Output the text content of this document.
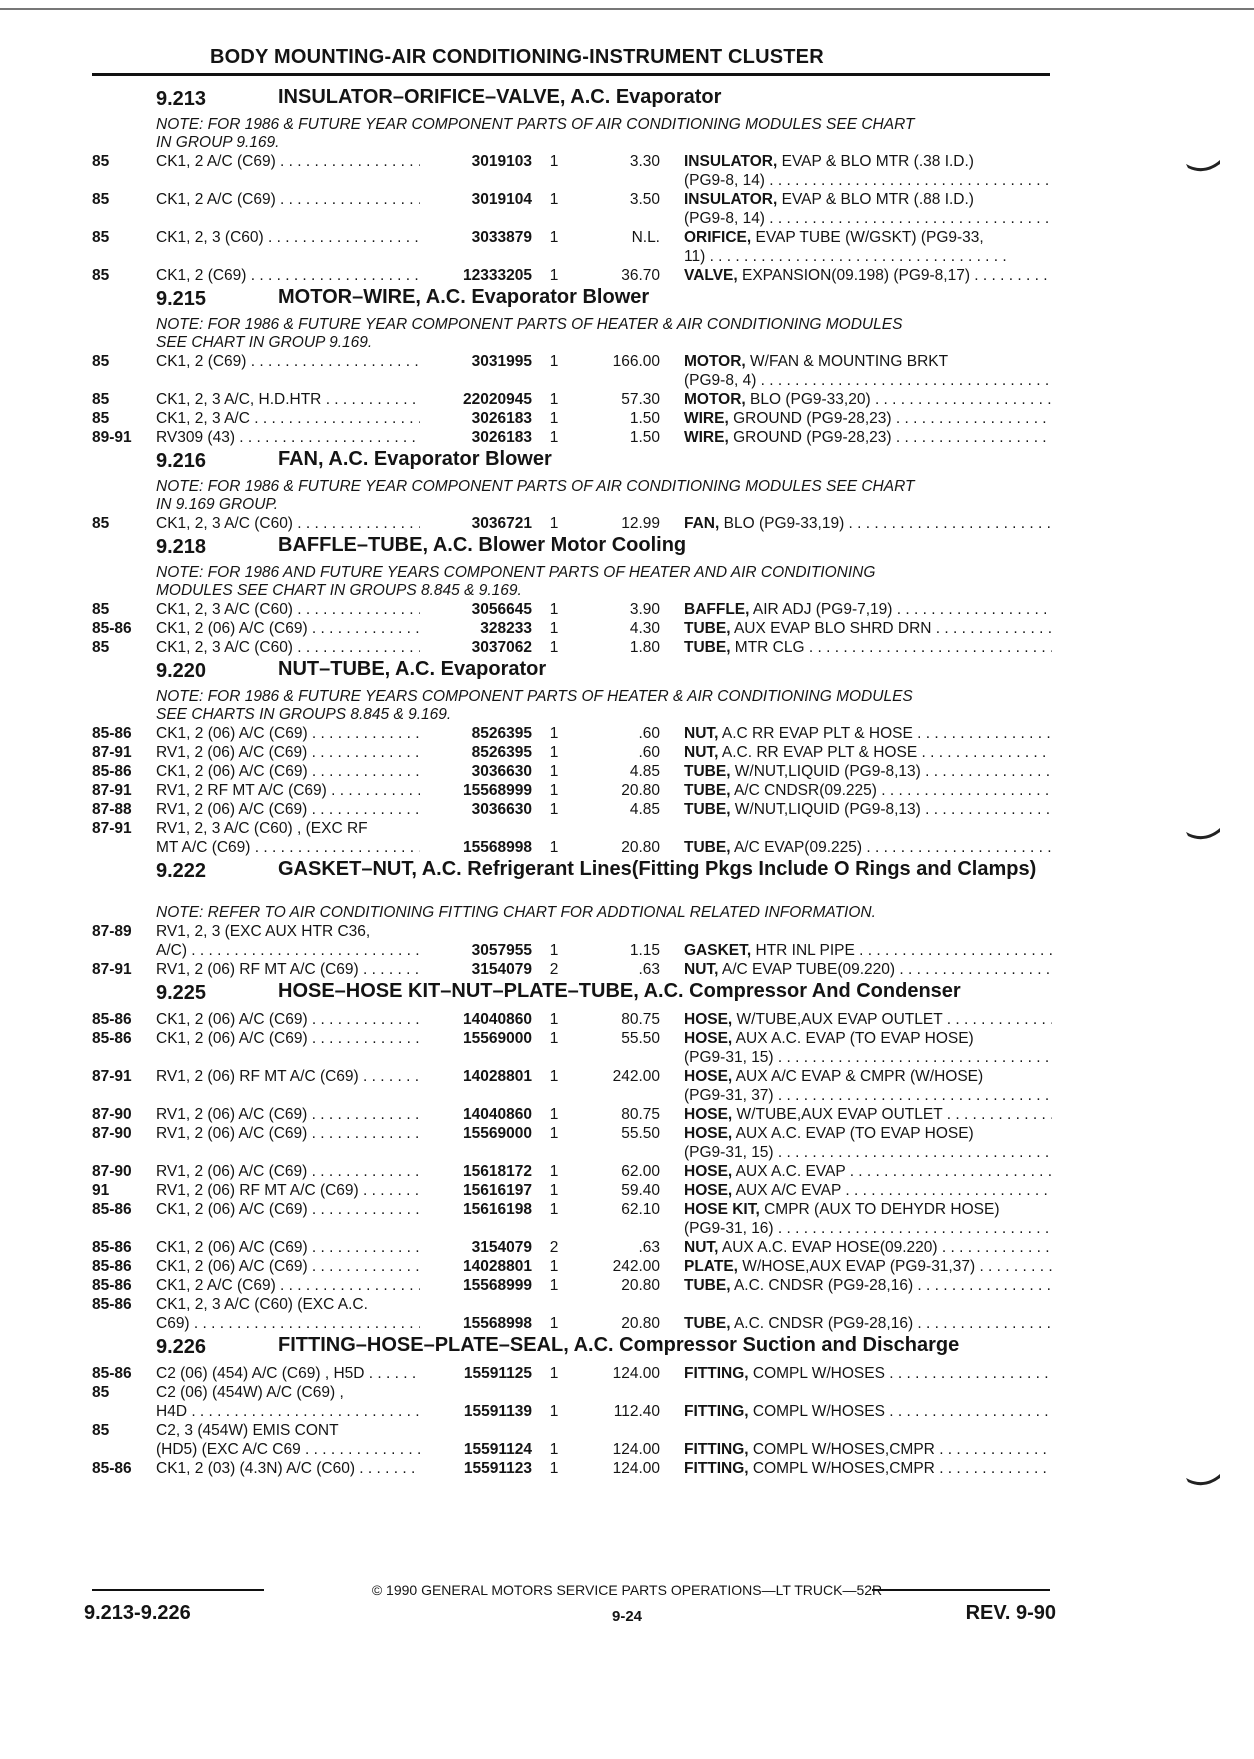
BODY MOUNTING-AIR CONDITIONING-INSTRUMENT CLUSTER
9.213	INSULATOR–ORIFICE–VALVE, A.C. Evaporator
NOTE: FOR 1986 & FUTURE YEAR COMPONENT PARTS OF AIR CONDITIONING MODULES SEE CHART
IN GROUP 9.169.
85	CK1, 2 A/C (C69) . . .	3019103	1	3.30 INSULATOR, EVAP & BLO MTR (.38 I.D.)
(PG9-8, 14) . . .
85	CK1, 2 A/C (C69) . . .	3019104	1	3.50 INSULATOR, EVAP & BLO MTR (.88 I.D.)
(PG9-8, 14) . . .
85	CK1, 2, 3 (C60) . . .	3033879	1	N.L. ORIFICE, EVAP TUBE (W/GSKT) (PG9-33,
11) . . .
85	CK1, 2 (C69) . . .	12333205	1	36.70 VALVE, EXPANSION(09.198) (PG9-8,17) . . .
9.215	MOTOR–WIRE, A.C. Evaporator Blower
NOTE: FOR 1986 & FUTURE YEAR COMPONENT PARTS OF HEATER & AIR CONDITIONING MODULES
SEE CHART IN GROUP 9.169.
85	CK1, 2 (C69) . . .	3031995	1	166.00 MOTOR, W/FAN & MOUNTING BRKT
(PG9-8, 4) . . .
85	CK1, 2, 3 A/C, H.D.HTR . . .	22020945	1	57.30 MOTOR, BLO (PG9-33,20) . . .
85	CK1, 2, 3 A/C . . .	3026183	1	1.50 WIRE, GROUND (PG9-28,23) . . .
89-91	RV309 (43) . . .	3026183	1	1.50 WIRE, GROUND (PG9-28,23) . . .
9.216	FAN, A.C. Evaporator Blower
NOTE: FOR 1986 & FUTURE YEAR COMPONENT PARTS OF AIR CONDITIONING MODULES SEE CHART
IN 9.169 GROUP.
85	CK1, 2, 3 A/C (C60) . . .	3036721	1	12.99 FAN, BLO (PG9-33,19) . . .
9.218	BAFFLE–TUBE, A.C. Blower Motor Cooling
NOTE: FOR 1986 AND FUTURE YEARS COMPONENT PARTS OF HEATER AND AIR CONDITIONING
MODULES SEE CHART IN GROUPS 8.845 & 9.169.
85	CK1, 2, 3 A/C (C60) . . .	3056645	1	3.90 BAFFLE, AIR ADJ (PG9-7,19) . . .
85-86	CK1, 2 (06) A/C (C69) . . .	328233	1	4.30 TUBE, AUX EVAP BLO SHRD DRN . . .
85	CK1, 2, 3 A/C (C60) . . .	3037062	1	1.80 TUBE, MTR CLG . . .
9.220	NUT–TUBE, A.C. Evaporator
NOTE: FOR 1986 & FUTURE YEARS COMPONENT PARTS OF HEATER & AIR CONDITIONING MODULES
SEE CHARTS IN GROUPS 8.845 & 9.169.
85-86	CK1, 2 (06) A/C (C69) . . .	8526395	1	.60 NUT, A.C RR EVAP PLT & HOSE . . .
87-91	RV1, 2 (06) A/C (C69) . . .	8526395	1	.60 NUT, A.C. RR EVAP PLT & HOSE . . .
85-86	CK1, 2 (06) A/C (C69) . . .	3036630	1	4.85 TUBE, W/NUT,LIQUID (PG9-8,13) . . .
87-91	RV1, 2 RF MT A/C (C69) . . .	15568999	1	20.80 TUBE, A/C CNDSR(09.225) . . .
87-88	RV1, 2 (06) A/C (C69) . . .	3036630	1	4.85 TUBE, W/NUT,LIQUID (PG9-8,13) . . .
87-91	RV1, 2, 3 A/C (C60) , (EXC RF
MT A/C (C69) . . .	15568998	1	20.80 TUBE, A/C EVAP(09.225) . . .
9.222	GASKET–NUT, A.C. Refrigerant Lines(Fitting Pkgs Include O Rings and Clamps)
NOTE: REFER TO AIR CONDITIONING FITTING CHART FOR ADDTIONAL RELATED INFORMATION.
87-89	RV1, 2, 3 (EXC AUX HTR C36,
A/C) . . .	3057955	1	1.15 GASKET, HTR INL PIPE . . .
87-91	RV1, 2 (06) RF MT A/C (C69) . . .	3154079	2	.63 NUT, A/C EVAP TUBE(09.220) . . .
9.225	HOSE–HOSE KIT–NUT–PLATE–TUBE, A.C. Compressor And Condenser
85-86	CK1, 2 (06) A/C (C69) . . .	14040860	1	80.75 HOSE, W/TUBE,AUX EVAP OUTLET . . .
85-86	CK1, 2 (06) A/C (C69) . . .	15569000	1	55.50 HOSE, AUX A.C. EVAP (TO EVAP HOSE)
(PG9-31, 15) . . .
87-91	RV1, 2 (06) RF MT A/C (C69) . . .	14028801	1	242.00 HOSE, AUX A/C EVAP & CMPR (W/HOSE)
(PG9-31, 37) . . .
87-90	RV1, 2 (06) A/C (C69) . . .	14040860	1	80.75 HOSE, W/TUBE,AUX EVAP OUTLET . . .
87-90	RV1, 2 (06) A/C (C69) . . .	15569000	1	55.50 HOSE, AUX A.C. EVAP (TO EVAP HOSE)
(PG9-31, 15) . . .
87-90	RV1, 2 (06) A/C (C69) . . .	15618172	1	62.00 HOSE, AUX A.C. EVAP . . .
91	RV1, 2 (06) RF MT A/C (C69) . . .	15616197	1	59.40 HOSE, AUX A/C EVAP . . .
85-86	CK1, 2 (06) A/C (C69) . . .	15616198	1	62.10 HOSE KIT, CMPR (AUX TO DEHYDR HOSE)
(PG9-31, 16) . . .
85-86	CK1, 2 (06) A/C (C69) . . .	3154079	2	.63 NUT, AUX A.C. EVAP HOSE(09.220) . . .
85-86	CK1, 2 (06) A/C (C69) . . .	14028801	1	242.00 PLATE, W/HOSE,AUX EVAP (PG9-31,37) . . .
85-86	CK1, 2 A/C (C69) . . .	15568999	1	20.80 TUBE, A.C. CNDSR (PG9-28,16) . . .
85-86	CK1, 2, 3 A/C (C60) (EXC A.C.
C69) . . .	15568998	1	20.80 TUBE, A.C. CNDSR (PG9-28,16) . . .
9.226	FITTING–HOSE–PLATE–SEAL, A.C. Compressor Suction and Discharge
85-86	C2 (06) (454) A/C (C69) , H5D . . .	15591125	1	124.00 FITTING, COMPL W/HOSES . . .
85	C2 (06) (454W) A/C (C69) ,
H4D . . .	15591139	1	112.40 FITTING, COMPL W/HOSES . . .
85	C2, 3 (454W) EMIS CONT
(HD5) (EXC A/C C69 . . .	15591124	1	124.00 FITTING, COMPL W/HOSES,CMPR . . .
85-86	CK1, 2 (03) (4.3N) A/C (C60) . . .	15591123	1	124.00 FITTING, COMPL W/HOSES,CMPR . . .
© 1990 GENERAL MOTORS SERVICE PARTS OPERATIONS—LT TRUCK—52R
9.213-9.226	9-24	REV. 9-90
